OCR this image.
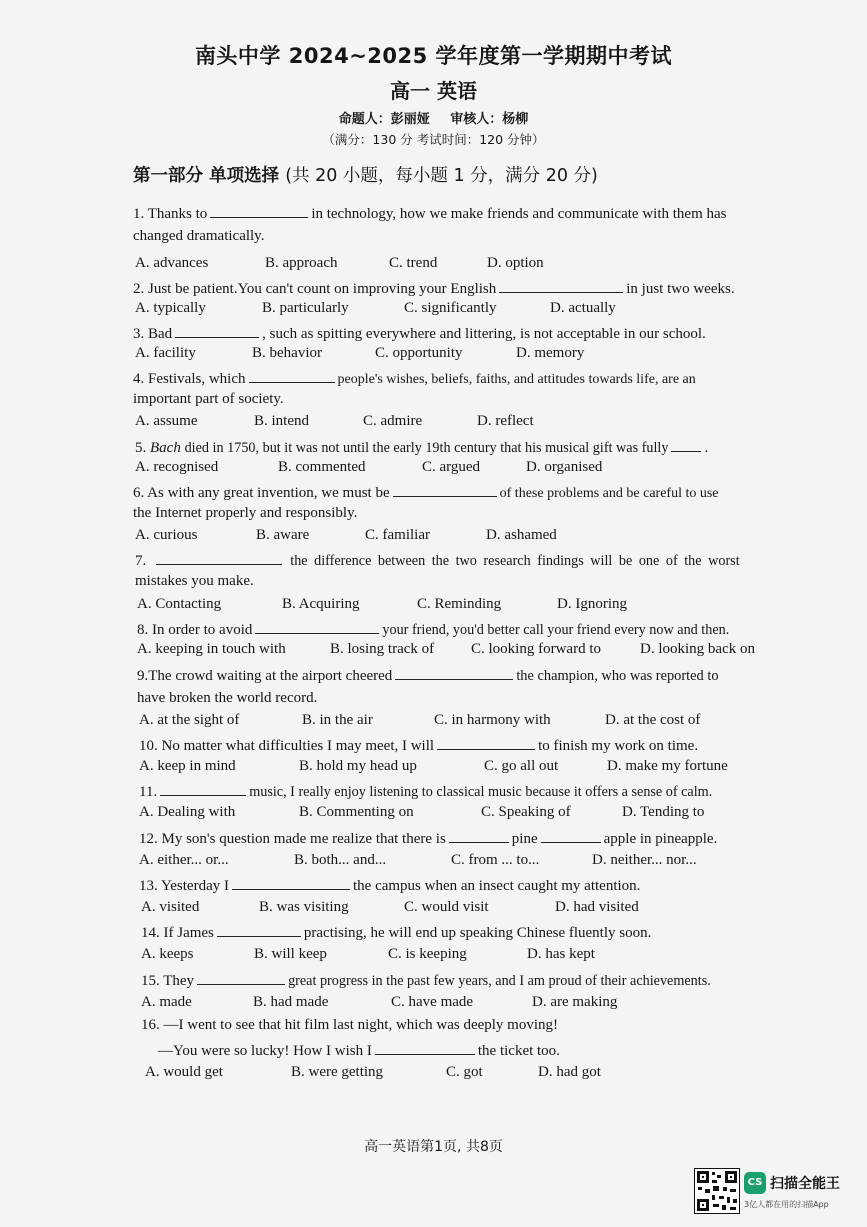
南头中学 2024~2025 学年度第一学期期中考试
高一 英语
命题人：彭丽娅 审核人：杨柳
（满分：130 分 考试时间：120 分钟）
第一部分 单项选择 (共 20 小题，每小题 1 分，满分 20 分)
1. Thanks to	in technology, how we make friends and communicate with them has
changed dramatically.
A. advances	B. approach	C. trend	D. option
2. Just be patient.You can't count on improving your English	in just two weeks.
A. typically	B. particularly	C. significantly	D. actually
3. Bad	, such as spitting everywhere and littering, is not acceptable in our school.
A. facility	B. behavior	C. opportunity	D. memory
4. Festivals, which	people's wishes, beliefs, faiths, and attitudes towards life, are an
important part of society.
A. assume	B. intend	C. admire	D. reflect
5. Bach died in 1750, but it was not until the early 19th century that his musical gift was fully .
A. recognised	B. commented	C. argued	D. organised
6. As with any great invention, we must be	of these problems and be careful to use
the Internet properly and responsibly.
A. curious	B. aware	C. familiar	D. ashamed
7.	the difference between the two research findings will be one of the worst
mistakes you make.
A. Contacting	B. Acquiring	C. Reminding	D. Ignoring
8. In order to avoid	your friend, you'd better call your friend every now and then.
A. keeping in touch with	B. losing track of C. looking forward to	D. looking back on
9.The crowd waiting at the airport cheered	the champion, who was reported to
have broken the world record.
A. at the sight of	B. in the air	C. in harmony with	D. at the cost of
10. No matter what difficulties I may meet, I will	to finish my work on time.
A. keep in mind	B. hold my head up	C. go all out	D. make my fortune
11.	music, I really enjoy listening to classical music because it offers a sense of calm.
A. Dealing with	B. Commenting on	C. Speaking of	D. Tending to
12. My son's question made me realize that there is	pine	apple in pineapple.
A. either... or...	B. both... and...	C. from ... to...	D. neither... nor...
13. Yesterday I	the campus when an insect caught my attention.
A. visited	B. was visiting	C. would visit	D. had visited
14. If James	practising, he will end up speaking Chinese fluently soon.
A. keeps	B. will keep	C. is keeping	D. has kept
15. They	great progress in the past few years, and I am proud of their achievements.
A. made	B. had made	C. have made	D. are making
16. —I went to see that hit film last night, which was deeply moving!
—You were so lucky! How I wish I	the ticket too.
A. would get	B. were getting	C. got	D. had got
高一英语第1页, 共8页
CS 扫描全能王
3亿人都在用的扫描App
